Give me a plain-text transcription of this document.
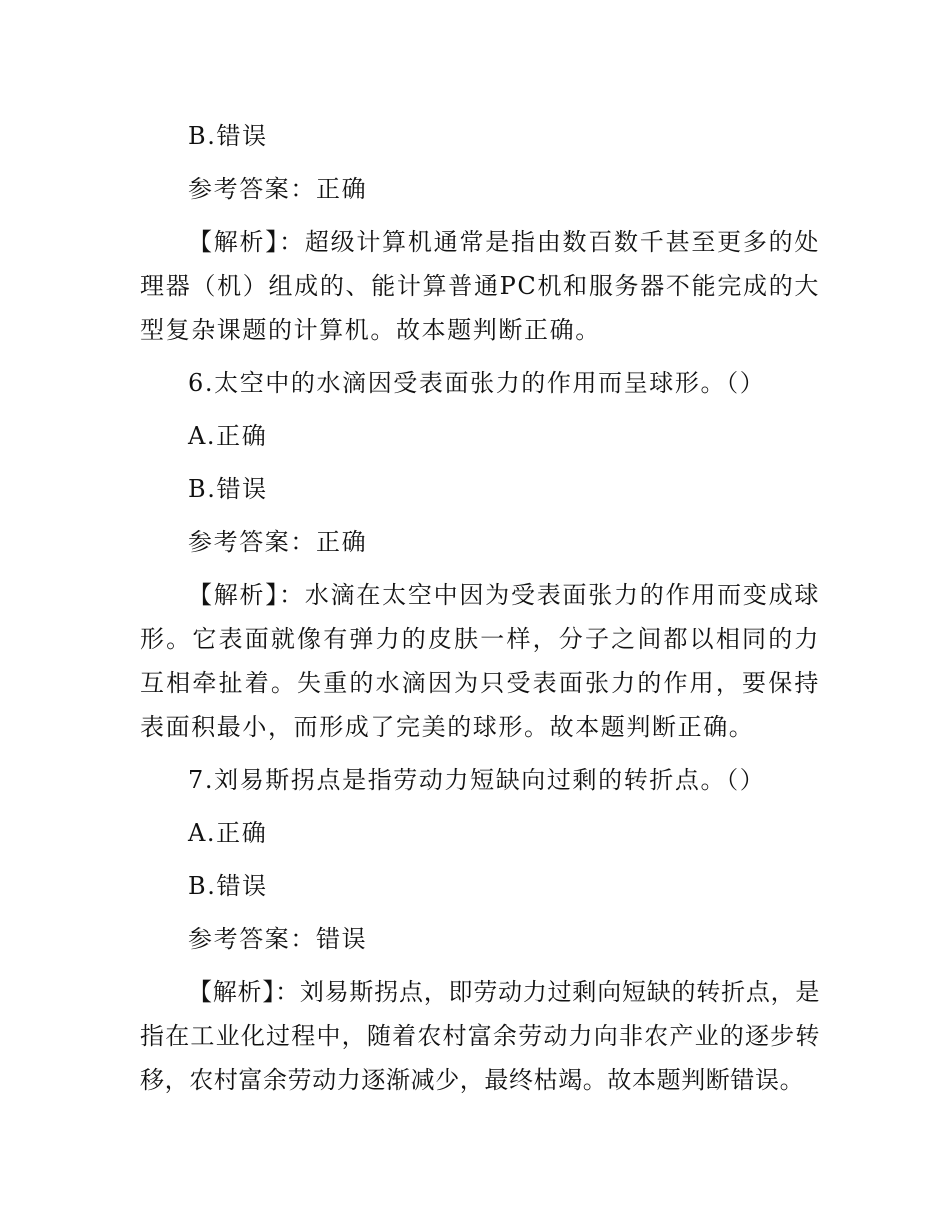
B.错误
参考答案：正确
【解析】：超级计算机通常是指由数百数千甚至更多的处理器（机）组成的、能计算普通PC机和服务器不能完成的大型复杂课题的计算机。故本题判断正确。
6.太空中的水滴因受表面张力的作用而呈球形。（）
A.正确
B.错误
参考答案：正确
【解析】：水滴在太空中因为受表面张力的作用而变成球形。它表面就像有弹力的皮肤一样，分子之间都以相同的力互相牵扯着。失重的水滴因为只受表面张力的作用，要保持表面积最小，而形成了完美的球形。故本题判断正确。
7.刘易斯拐点是指劳动力短缺向过剩的转折点。（）
A.正确
B.错误
参考答案：错误
【解析】：刘易斯拐点，即劳动力过剩向短缺的转折点，是指在工业化过程中，随着农村富余劳动力向非农产业的逐步转移，农村富余劳动力逐渐减少，最终枯竭。故本题判断错误。
